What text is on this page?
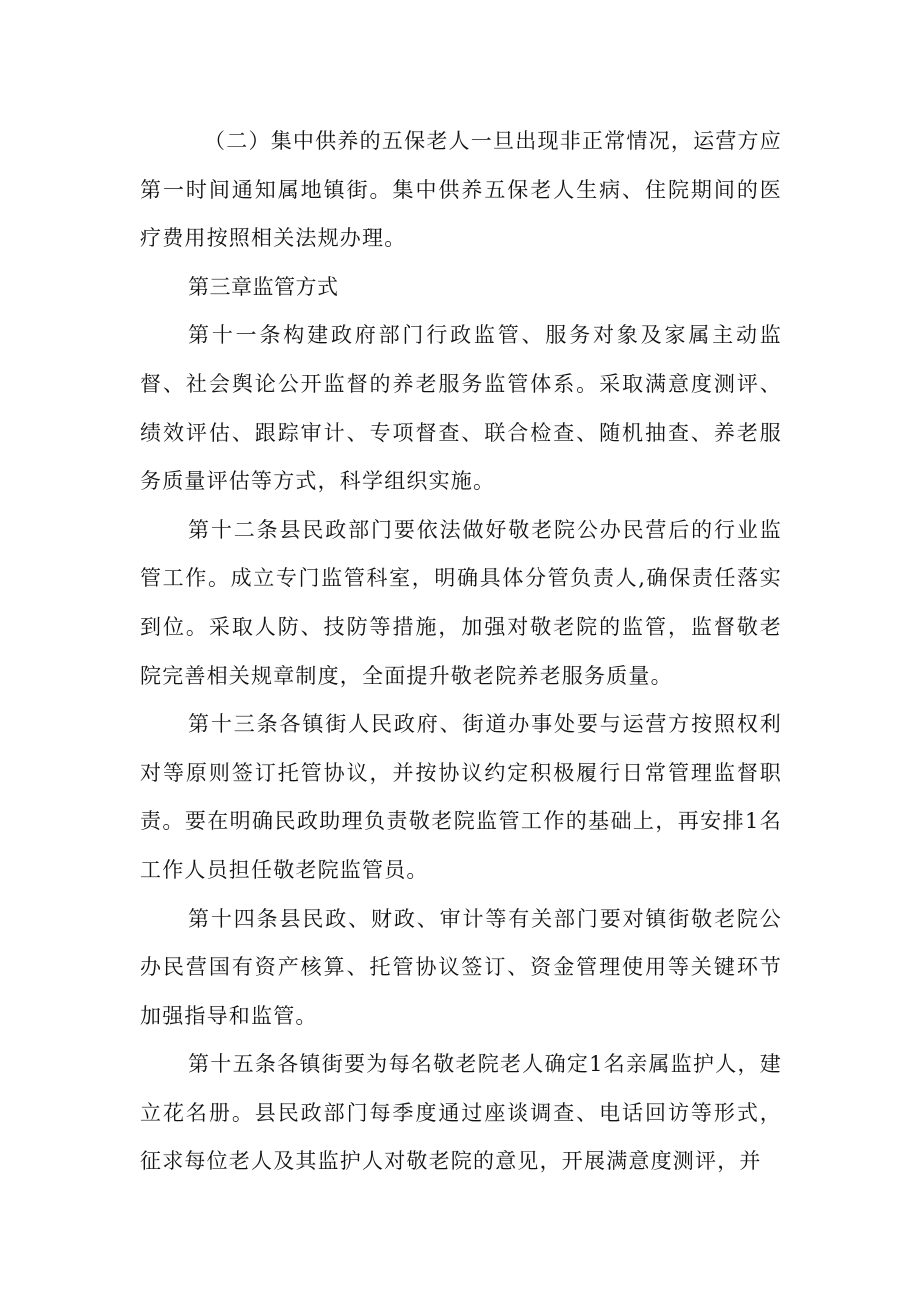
（二）集中供养的五保老人一旦出现非正常情况，运营方应第一时间通知属地镇街。集中供养五保老人生病、住院期间的医疗费用按照相关法规办理。

第三章监管方式

第十一条构建政府部门行政监管、服务对象及家属主动监督、社会舆论公开监督的养老服务监管体系。采取满意度测评、绩效评估、跟踪审计、专项督查、联合检查、随机抽查、养老服务质量评估等方式，科学组织实施。

第十二条县民政部门要依法做好敬老院公办民营后的行业监管工作。成立专门监管科室，明确具体分管负责人,确保责任落实到位。采取人防、技防等措施，加强对敬老院的监管，监督敬老院完善相关规章制度，全面提升敬老院养老服务质量。

第十三条各镇街人民政府、街道办事处要与运营方按照权利对等原则签订托管协议，并按协议约定积极履行日常管理监督职责。要在明确民政助理负责敬老院监管工作的基础上，再安排1名工作人员担任敬老院监管员。

第十四条县民政、财政、审计等有关部门要对镇街敬老院公办民营国有资产核算、托管协议签订、资金管理使用等关键环节加强指导和监管。

第十五条各镇街要为每名敬老院老人确定1名亲属监护人，建立花名册。县民政部门每季度通过座谈调查、电话回访等形式，征求每位老人及其监护人对敬老院的意见，开展满意度测评，并
